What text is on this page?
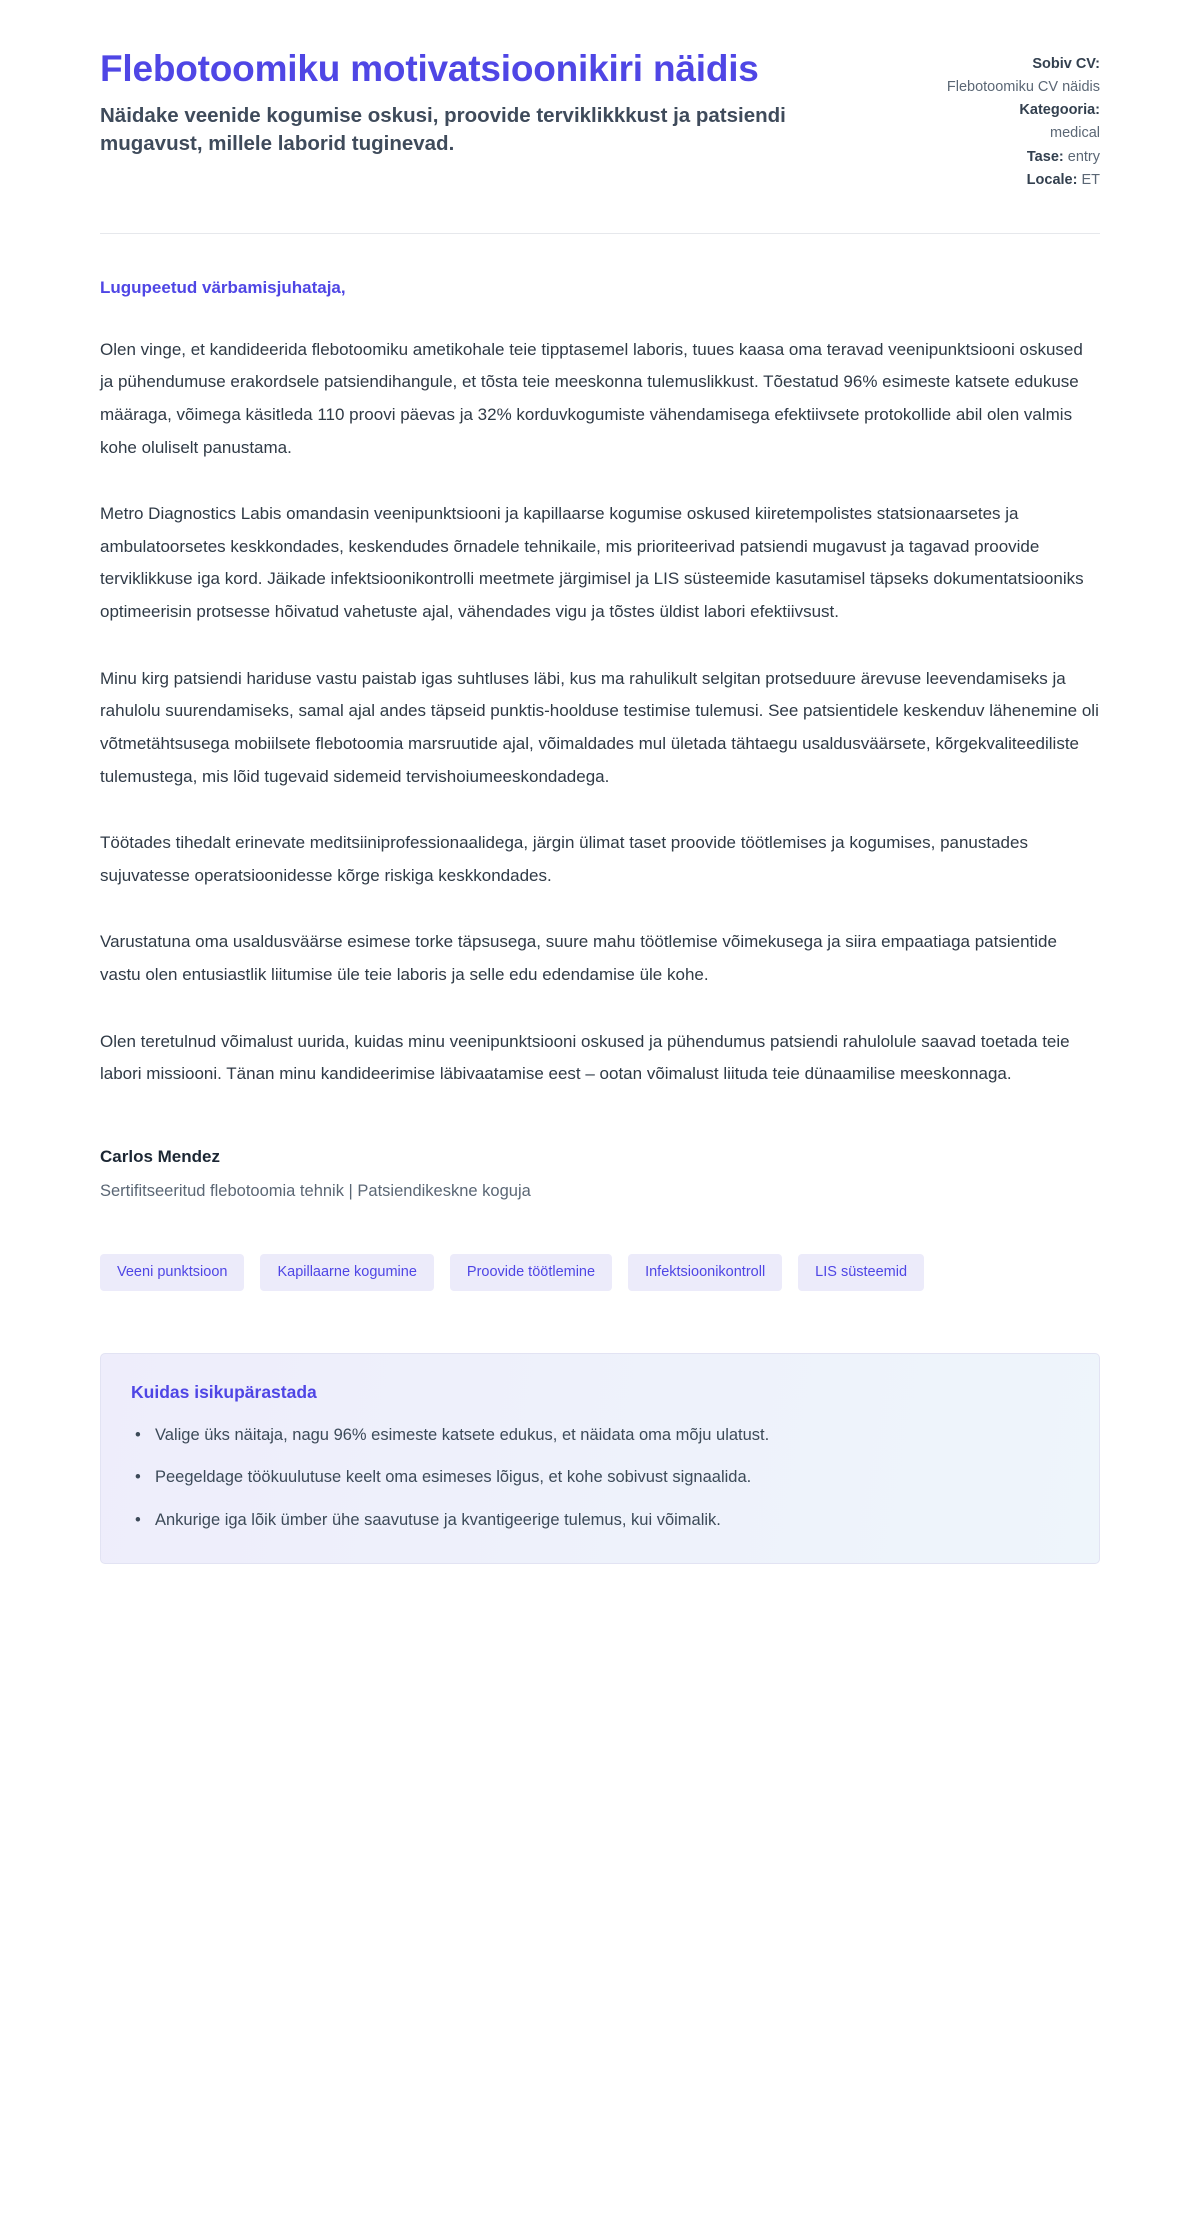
Flebotoomiku motivatsioonikiri näidis

Näidake veenide kogumise oskusi, proovide terviklikkkust ja patsiendi mugavust, millele laborid tuginevad.

Sobiv CV:
Flebotoomiku CV näidis
Kategooria:
medical
Tase: entry
Locale: ET

Lugupeetud värbamisjuhataja,

Olen vinge, et kandideerida flebotoomiku ametikohale teie tipptasemel laboris, tuues kaasa oma teravad veenipunktsiooni oskused ja pühendumuse erakordsele patsiendihangule, et tõsta teie meeskonna tulemuslikkust. Tõestatud 96% esimeste katsete edukuse määraga, võimega käsitleda 110 proovi päevas ja 32% korduvkogumiste vähendamisega efektiivsete protokollide abil olen valmis kohe oluliselt panustama.

Metro Diagnostics Labis omandasin veenipunktsiooni ja kapillaarse kogumise oskused kiiretempolistes statsionaarsetes ja ambulatoorsetes keskkondades, keskendudes õrnadele tehnikaile, mis prioriteerivad patsiendi mugavust ja tagavad proovide terviklikkuse iga kord. Jäikade infektsioonikontrolli meetmete järgimisel ja LIS süsteemide kasutamisel täpseks dokumentatsiooniks optimeerisin protsesse hõivatud vahetuste ajal, vähendades vigu ja tõstes üldist labori efektiivsust.

Minu kirg patsiendi hariduse vastu paistab igas suhtluses läbi, kus ma rahulikult selgitan protseduure ärevuse leevendamiseks ja rahulolu suurendamiseks, samal ajal andes täpseid punktis-hoolduse testimise tulemusi. See patsientidele keskenduv lähenemine oli võtmetähtsusega mobiilsete flebotoomia marsruutide ajal, võimaldades mul ületada tähtaegu usaldusväärsete, kõrgekvaliteediliste tulemustega, mis lõid tugevaid sidemeid tervishoiumeeskondadega.

Töötades tihedalt erinevate meditsiiniprofessionaalidega, järgin ülimat taset proovide töötlemises ja kogumises, panustades sujuvatesse operatsioonidesse kõrge riskiga keskkondades.

Varustatuna oma usaldusväärse esimese torke täpsusega, suure mahu töötlemise võimekusega ja siira empaatiaga patsientide vastu olen entusiastlik liitumise üle teie laboris ja selle edu edendamise üle kohe.

Olen teretulnud võimalust uurida, kuidas minu veenipunktsiooni oskused ja pühendumus patsiendi rahulolule saavad toetada teie labori missiooni. Tänan minu kandideerimise läbivaatamise eest – ootan võimalust liituda teie dünaamilise meeskonnaga.

Carlos Mendez

Sertifitseeritud flebotoomia tehnik | Patsiendikeskne koguja

Veeni punktsioon	Kapillaarne kogumine	Proovide töötlemine	Infektsioonikontroll	LIS süsteemid
Kuidas isikupärastada
• Valige üks näitaja, nagu 96% esimeste katsete edukus, et näidata oma mõju ulatust.
• Peegeldage töökuulutuse keelt oma esimeses lõigus, et kohe sobivust signaalida.
• Ankurige iga lõik ümber ühe saavutuse ja kvantigeerige tulemus, kui võimalik.
